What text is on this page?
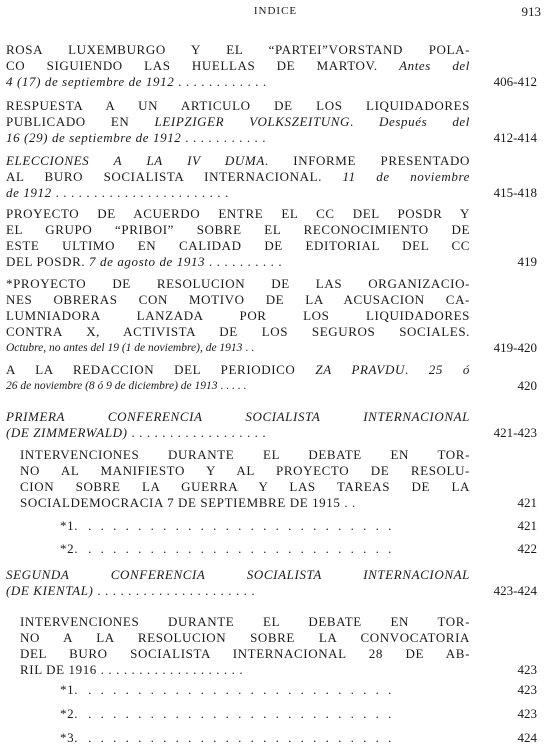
INDICE	913
ROSA LUXEMBURGO Y EL “PARTEI”VORSTAND POLA-
CO SIGUIENDO LAS HUELLAS DE MARTOV. Antes del
4 (17) de septiembre de 1912 . . . . . . . . . . . .	406-412
RESPUESTA A UN ARTICULO DE LOS LIQUIDADORES
PUBLICADO EN LEIPZIGER VOLKSZEITUNG. Después del
16 (29) de septiembre de 1912 . . . . . . . . . . .	412-414
ELECCIONES A LA IV DUMA. INFORME PRESENTADO
AL BURO SOCIALISTA INTERNACIONAL. 11 de noviembre
de 1912 . . . . . . . . . . . . . . . . . . . . . . .	415-418
PROYECTO DE ACUERDO ENTRE EL CC DEL POSDR Y
EL GRUPO “PRIBOI” SOBRE EL RECONOCIMIENTO DE
ESTE ULTIMO EN CALIDAD DE EDITORIAL DEL CC
DEL POSDR. 7 de agosto de 1913 . . . . . . . . . .	419
*PROYECTO DE RESOLUCION DE LAS ORGANIZACIO-
NES OBRERAS CON MOTIVO DE LA ACUSACION CA-
LUMNIADORA LANZADA POR LOS LIQUIDADORES
CONTRA X, ACTIVISTA DE LOS SEGUROS SOCIALES.
Octubre, no antes del 19 (1 de noviembre), de 1913 . .	419-420
A LA REDACCION DEL PERIODICO ZA PRAVDU. 25 ó
26 de noviembre (8 ó 9 de diciembre) de 1913 . . . . .	420
PRIMERA CONFERENCIA SOCIALISTA INTERNACIONAL
(DE ZIMMERWALD) . . . . . . . . . . . . . . . . . .	421-423
INTERVENCIONES DURANTE EL DEBATE EN TOR-
NO AL MANIFIESTO Y AL PROYECTO DE RESOLU-
CION SOBRE LA GUERRA Y LAS TAREAS DE LA
SOCIALDEMOCRACIA 7 DE SEPTIEMBRE DE 1915 . .	421
*1. . . . . . . . . . . . . . . . . . . . . . . . . .	421
*2. . . . . . . . . . . . . . . . . . . . . . . . . .	422
SEGUNDA CONFERENCIA SOCIALISTA INTERNACIONAL
(DE KIENTAL) . . . . . . . . . . . . . . . . . . . . .	423-424
INTERVENCIONES DURANTE EL DEBATE EN TOR-
NO A LA RESOLUCION SOBRE LA CONVOCATORIA
DEL BURO SOCIALISTA INTERNACIONAL 28 DE AB-
RIL DE 1916 . . . . . . . . . . . . . . . . . . .	423
*1. . . . . . . . . . . . . . . . . . . . . . . . . .	423
*2. . . . . . . . . . . . . . . . . . . . . . . . . .	423
*3. . . . . . . . . . . . . . . . . . . . . . . . . .	424
